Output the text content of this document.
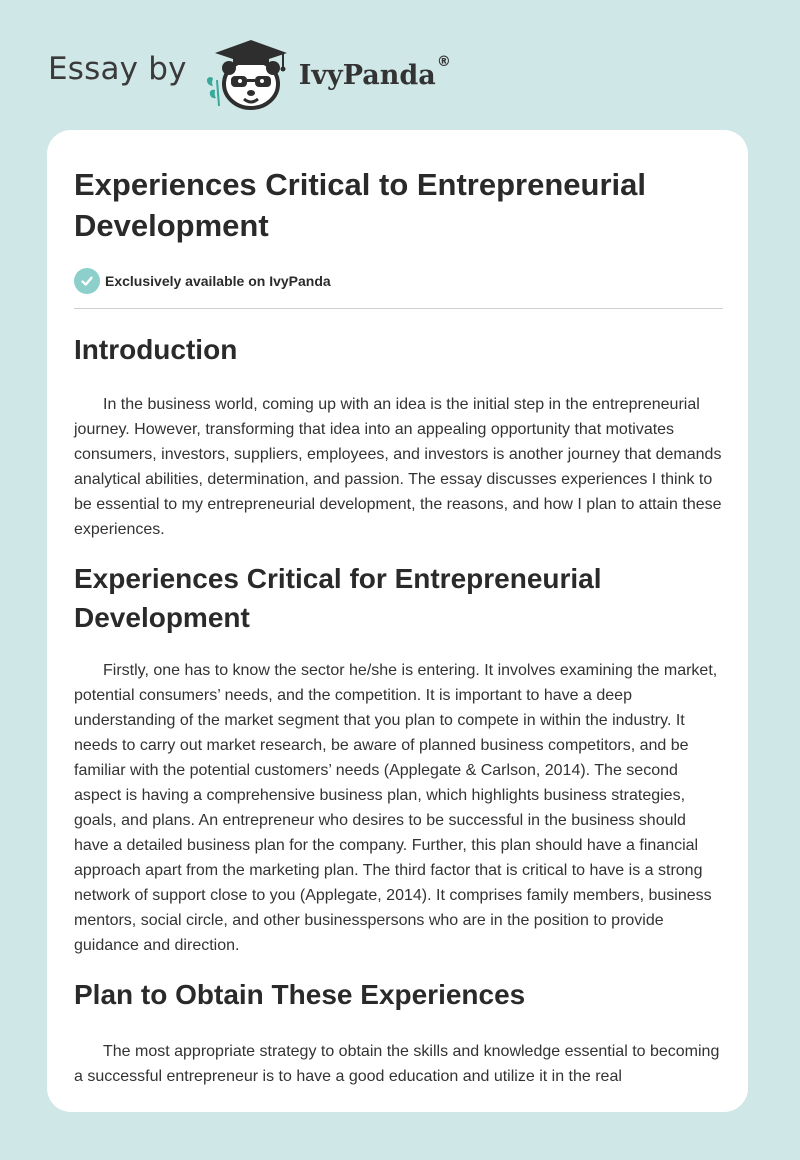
Essay by	IvyPanda ®
Experiences Critical to Entrepreneurial Development
Exclusively available on IvyPanda
Introduction

In the business world, coming up with an idea is the initial step in the entrepreneurial journey. However, transforming that idea into an appealing opportunity that motivates consumers, investors, suppliers, employees, and investors is another journey that demands analytical abilities, determination, and passion. The essay discusses experiences I think to be essential to my entrepreneurial development, the reasons, and how I plan to attain these experiences.

Experiences Critical for Entrepreneurial Development

Firstly, one has to know the sector he/she is entering. It involves examining the market, potential consumers’ needs, and the competition. It is important to have a deep understanding of the market segment that you plan to compete in within the industry. It needs to carry out market research, be aware of planned business competitors, and be familiar with the potential customers’ needs (Applegate & Carlson, 2014). The second aspect is having a comprehensive business plan, which highlights business strategies, goals, and plans. An entrepreneur who desires to be successful in the business should have a detailed business plan for the company. Further, this plan should have a financial approach apart from the marketing plan. The third factor that is critical to have is a strong network of support close to you (Applegate, 2014). It comprises family members, business mentors, social circle, and other businesspersons who are in the position to provide guidance and direction.

Plan to Obtain These Experiences

The most appropriate strategy to obtain the skills and knowledge essential to becoming a successful entrepreneur is to have a good education and utilize it in the real
